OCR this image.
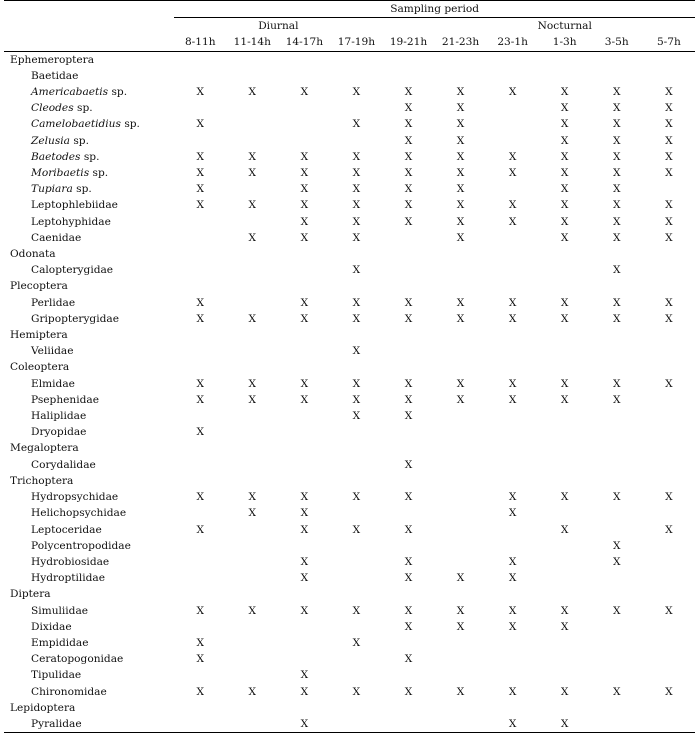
	Sampling period									
	Diurnal					Nocturnal				
	8-11h	11-14h	14-17h	17-19h	19-21h	21-23h	23-1h	1-3h	3-5h	5-7h
Ephemeroptera										
Baetidae										
Americabaetis sp.	X	X	X	X	X	X	X	X	X	X
Cleodes sp.					X	X		X	X	X
Camelobaetidius sp.	X			X	X	X		X	X	X
Zelusia sp.					X	X		X	X	X
Baetodes sp.	X	X	X	X	X	X	X	X	X	X
Moribaetis sp.	X	X	X	X	X	X	X	X	X	X
Tupiara sp.	X		X	X	X	X		X	X	
Leptophlebiidae	X	X	X	X	X	X	X	X	X	X
Leptohyphidae			X	X	X	X	X	X	X	X
Caenidae		X	X	X		X		X	X	X
Odonata										
Calopterygidae				X					X	
Plecoptera										
Perlidae	X		X	X	X	X	X	X	X	X
Gripopterygidae	X	X	X	X	X	X	X	X	X	X
Hemiptera										
Veliidae				X						
Coleoptera										
Elmidae	X	X	X	X	X	X	X	X	X	X
Psephenidae	X	X	X	X	X	X	X	X	X	
Haliplidae				X	X					
Dryopidae	X									
Megaloptera										
Corydalidae					X					
Trichoptera										
Hydropsychidae	X	X	X	X	X		X	X	X	X
Helichopsychidae		X	X				X			
Leptoceridae	X		X	X	X			X		X
Polycentropodidae									X	
Hydrobiosidae			X		X		X		X	
Hydroptilidae			X		X	X	X			
Diptera										
Simuliidae	X	X	X	X	X	X	X	X	X	X
Dixidae					X	X	X	X		
Empididae	X			X						
Ceratopogonidae	X				X					
Tipulidae			X							
Chironomidae	X	X	X	X	X	X	X	X	X	X
Lepidoptera										
Pyralidae			X				X	X		
